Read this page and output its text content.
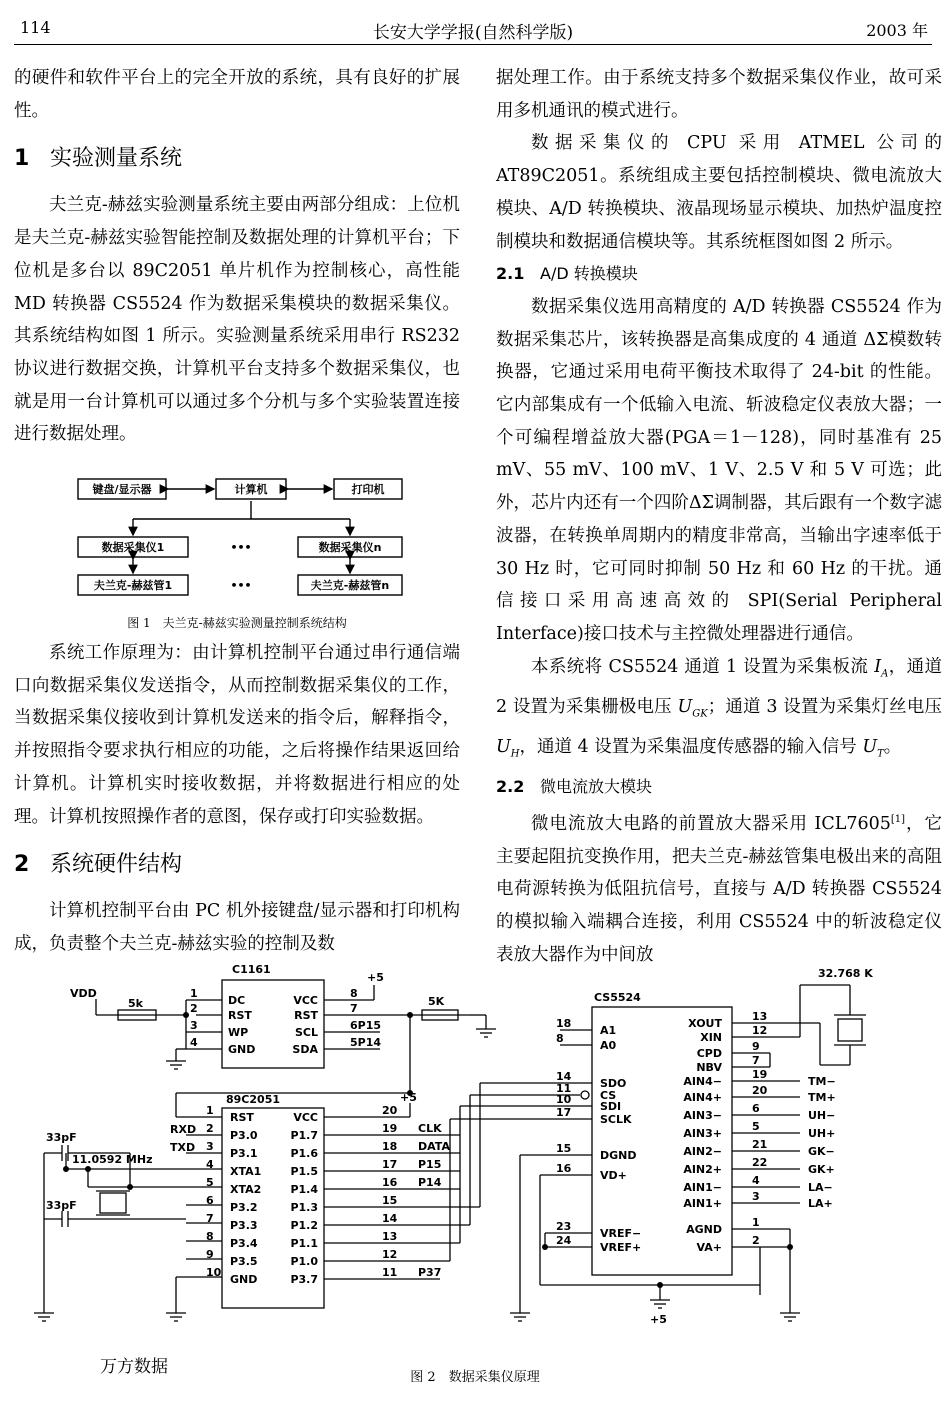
114	长安大学学报(自然科学版)	2003 年

的硬件和软件平台上的完全开放的系统，具有良好的扩展性。

1 实验测量系统

夫兰克-赫兹实验测量系统主要由两部分组成：上位机是夫兰克-赫兹实验智能控制及数据处理的计算机平台；下位机是多台以 89C2051 单片机作为控制核心，高性能 MD 转换器 CS5524 作为数据采集模块的数据采集仪。其系统结构如图 1 所示。实验测量系统采用串行 RS232 协议进行数据交换，计算机平台支持多个数据采集仪，也就是用一台计算机可以通过多个分机与多个实验装置连接进行数据处理。

键盘/显示器	计算机	打印机
数据采集仪1	数据采集仪n
夫兰克-赫兹管1	夫兰克-赫兹管n
•••
•••
图 1　夫兰克-赫兹实验测量控制系统结构

系统工作原理为：由计算机控制平台通过串行通信端口向数据采集仪发送指令，从而控制数据采集仪的工作，当数据采集仪接收到计算机发送来的指令后，解释指令，并按照指令要求执行相应的功能，之后将操作结果返回给计算机。计算机实时接收数据，并将数据进行相应的处理。计算机按照操作者的意图，保存或打印实验数据。

2 系统硬件结构

计算机控制平台由 PC 机外接键盘/显示器和打印机构成，负责整个夫兰克-赫兹实验的控制及数

据处理工作。由于系统支持多个数据采集仪作业，故可采用多机通讯的模式进行。

数据采集仪的 CPU 采用 ATMEL 公司的 AT89C2051。系统组成主要包括控制模块、微电流放大模块、A/D 转换模块、液晶现场显示模块、加热炉温度控制模块和数据通信模块等。其系统框图如图 2 所示。

2.1 A/D 转换模块

数据采集仪选用高精度的 A/D 转换器 CS5524 作为数据采集芯片，该转换器是高集成度的 4 通道 ΔΣ模数转换器，它通过采用电荷平衡技术取得了 24-bit 的性能。它内部集成有一个低输入电流、斩波稳定仪表放大器；一个可编程增益放大器(PGA＝1－128)，同时基准有 25 mV、55 mV、100 mV、1 V、2.5 V 和 5 V 可选；此外，芯片内还有一个四阶ΔΣ调制器，其后跟有一个数字滤波器，在转换单周期内的精度非常高，当输出字速率低于 30 Hz 时，它可同时抑制 50 Hz 和 60 Hz 的干扰。通信接口采用高速高效的 SPI(Serial Peripheral Interface)接口技术与主控微处理器进行通信。

本系统将 CS5524 通道 1 设置为采集板流 $I_A$，通道 2 设置为采集栅极电压 $U_{GK}$；通道 3 设置为采集灯丝电压 $U_H$，通道 4 设置为采集温度传感器的输入信号 $U_T$。

2.2 微电流放大模块

微电流放大电路的前置放大器采用 ICL7605[1]，它主要起阻抗变换作用，把夫兰克-赫兹管集电极出来的高阻电荷源转换为低阻抗信号，直接与 A/D 转换器 CS5524 的模拟输入端耦合连接，利用 CS5524 中的斩波稳定仪表放大器作为中间放

C1161
VDD
5k	5K
+5
+5
+5
DC
1
RST
2
WP
3
GND
4
VCC
8
RST
7
SCL
6P15
SDA
5P14
89C2051
RST
1
P3.0
2
P3.1
3
XTA1
4
XTA2
5
P3.2
6
P3.3
7
P3.4
8
P3.5
9
GND
10
VCC
20
P1.7
19 CLK
P1.6
18 DATA
P1.5
17 P15
P1.4
16 P14
P1.3
15
P1.2
14
P1.1
13
P1.0
12
P3.7
11 P37
RXD
TXD
33pF
33pF
11.0592 MHz
CS5524
A1
18
A0
8
SDO
14
CS
11
SDI
10
SCLK
17
DGND
15
VD+
16
VREF−
23
VREF+
24
XOUT
13
XIN
12
CPD
9
NBV
7
AIN4−
19
TM−
AIN4+
20
TM+
AIN3−
6
UH−
AIN3+
5
UH+
AIN2−
21
GK−
AIN2+
22
GK+
AIN1−
4
LA−
AIN1+
3
LA+
AGND
1
VA+
2
32.768 K
万方数据
图 2　数据采集仪原理
